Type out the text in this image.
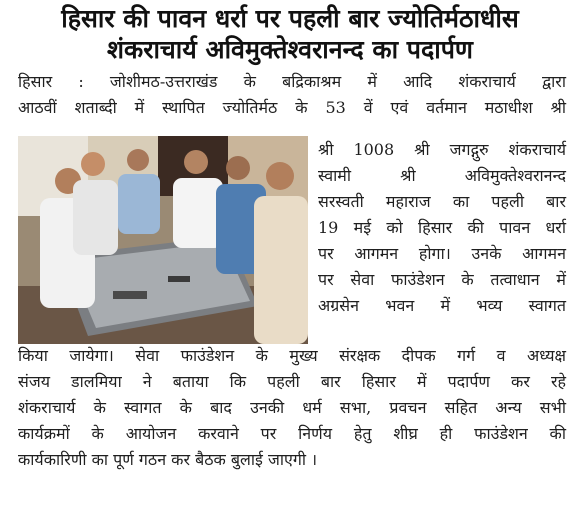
हिसार की पावन धर्रा पर पहली बार ज्योतिर्मठाधीस
शंकराचार्य अविमुक्तेश्वरानन्द का पदार्पण
हिसार : जोशीमठ-उत्तराखंड के बद्रिकाश्रम में आदि शंकराचार्य द्वारा
आठवीं शताब्दी में स्थापित ज्योतिर्मठ के 53 वें एवं वर्तमान मठाधीश श्री
श्री 1008 श्री जगद्गुरु शंकराचार्य
स्वामी श्री अविमुक्तेश्वरानन्द
सरस्वती महाराज का पहली बार
19 मई को हिसार की पावन धर्रा
पर आगमन होगा। उनके आगमन
पर सेवा फाउंडेशन के तत्वाधान में
अग्रसेन भवन में भव्य स्वागत
किया जायेगा। सेवा फाउंडेशन के मुख्य संरक्षक दीपक गर्ग व अध्यक्ष
संजय डालमिया ने बताया कि पहली बार हिसार में पदार्पण कर रहे
शंकराचार्य के स्वागत के बाद उनकी धर्म सभा, प्रवचन सहित अन्य सभी
कार्यक्रमों के आयोजन करवाने पर निर्णय हेतु शीघ्र ही फाउंडेशन की
कार्यकारिणी का पूर्ण गठन कर बैठक बुलाई जाएगी ।
